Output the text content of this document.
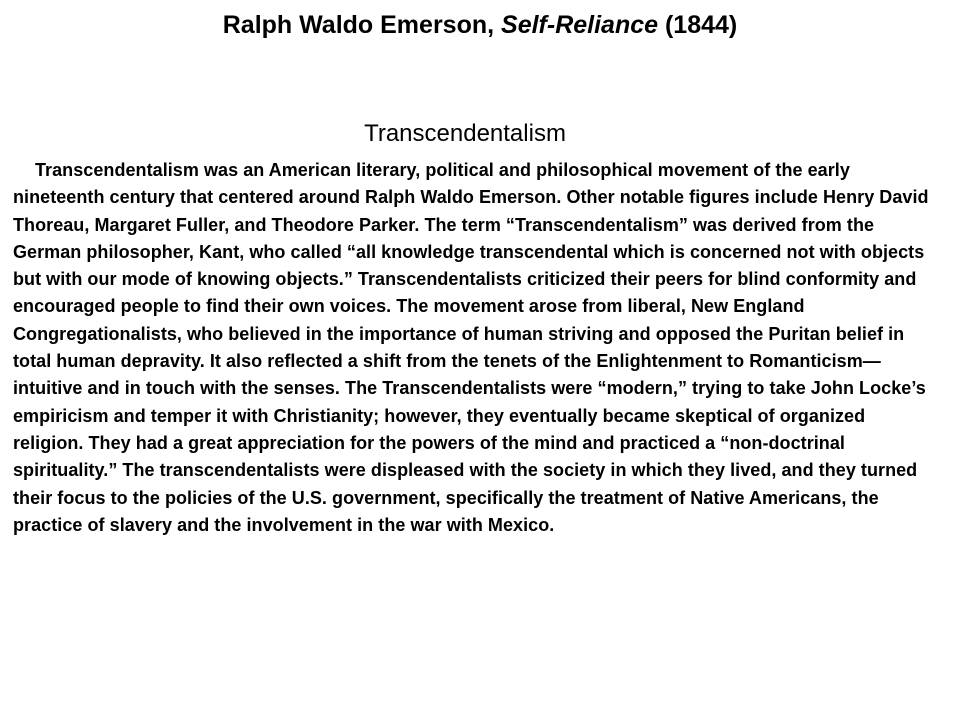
Ralph Waldo Emerson, Self-Reliance (1844)
Transcendentalism

Transcendentalism was an American literary, political and philosophical movement of the early nineteenth century that centered around Ralph Waldo Emerson. Other notable figures include Henry David Thoreau, Margaret Fuller, and Theodore Parker. The term “Transcendentalism” was derived from the German philosopher, Kant, who called “all knowledge transcendental which is concerned not with objects but with our mode of knowing objects.” Transcendentalists criticized their peers for blind conformity and encouraged people to find their own voices. The movement arose from liberal, New England Congregationalists, who believed in the importance of human striving and opposed the Puritan belief in total human depravity. It also reflected a shift from the tenets of the Enlightenment to Romanticism—intuitive and in touch with the senses. The Transcendentalists were “modern,” trying to take John Locke’s empiricism and temper it with Christianity; however, they eventually became skeptical of organized religion. They had a great appreciation for the powers of the mind and practiced a “non-doctrinal spirituality.” The transcendentalists were displeased with the society in which they lived, and they turned their focus to the policies of the U.S. government, specifically the treatment of Native Americans, the practice of slavery and the involvement in the war with Mexico.
